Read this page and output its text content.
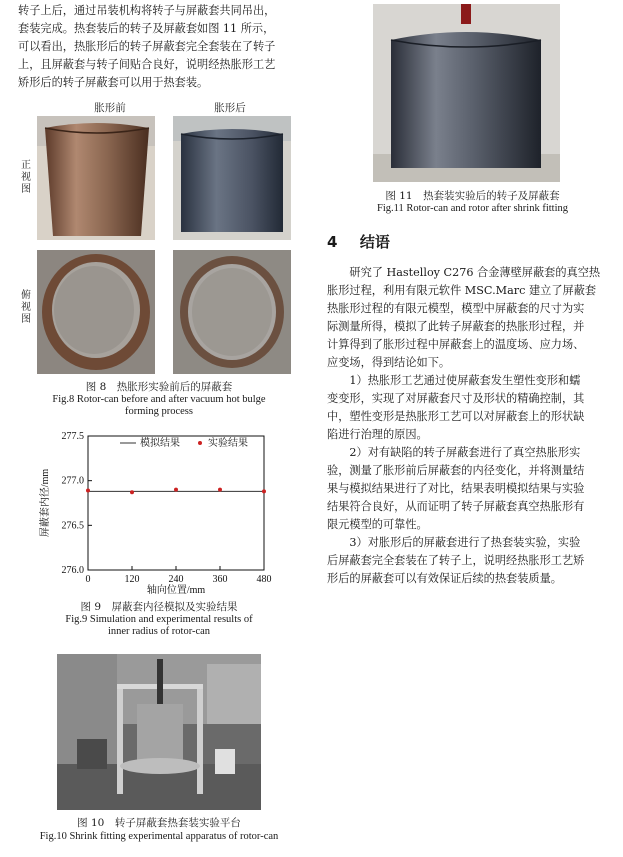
转子上后，通过吊装机构将转子与屏蔽套共同吊出，

套装完成。热套装后的转子及屏蔽套如图 11 所示，

可以看出，热胀形后的转子屏蔽套完全套装在了转子

上，且屏蔽套与转子间贴合良好，说明经热胀形工艺

矫形后的转子屏蔽套可以用于热套装。

胀形前	胀形后
正视图
俯视图
图 8　热胀形实验前后的屏蔽套
Fig.8 Rotor-can before and after vacuum hot bulge
forming process
276.0
276.5
277.0
277.5
0	120	240	360	480
模拟结果	实验结果
轴向位置/mm
屏蔽套内径/mm
图 9　屏蔽套内径模拟及实验结果
Fig.9 Simulation and experimental results of
inner radius of rotor-can
图 10　转子屏蔽套热套装实验平台
Fig.10 Shrink fitting experimental apparatus of rotor-can
图 11　热套装实验后的转子及屏蔽套
Fig.11 Rotor-can and rotor after shrink fitting
4 结语

研究了 Hastelloy C276 合金薄壁屏蔽套的真空热

胀形过程，利用有限元软件 MSC.Marc 建立了屏蔽套

热胀形过程的有限元模型，模型中屏蔽套的尺寸为实

际测量所得，模拟了此转子屏蔽套的热胀形过程，并

计算得到了胀形过程中屏蔽套上的温度场、应力场、

应变场，得到结论如下。

1）热胀形工艺通过使屏蔽套发生塑性变形和蠕

变变形，实现了对屏蔽套尺寸及形状的精确控制，其

中，塑性变形是热胀形工艺可以对屏蔽套上的形状缺

陷进行治理的原因。

2）对有缺陷的转子屏蔽套进行了真空热胀形实

验，测量了胀形前后屏蔽套的内径变化，并将测量结

果与模拟结果进行了对比，结果表明模拟结果与实验

结果符合良好，从而证明了转子屏蔽套真空热胀形有

限元模型的可靠性。

3）对胀形后的屏蔽套进行了热套装实验，实验

后屏蔽套完全套装在了转子上，说明经热胀形工艺矫

形后的屏蔽套可以有效保证后续的热套装质量。
